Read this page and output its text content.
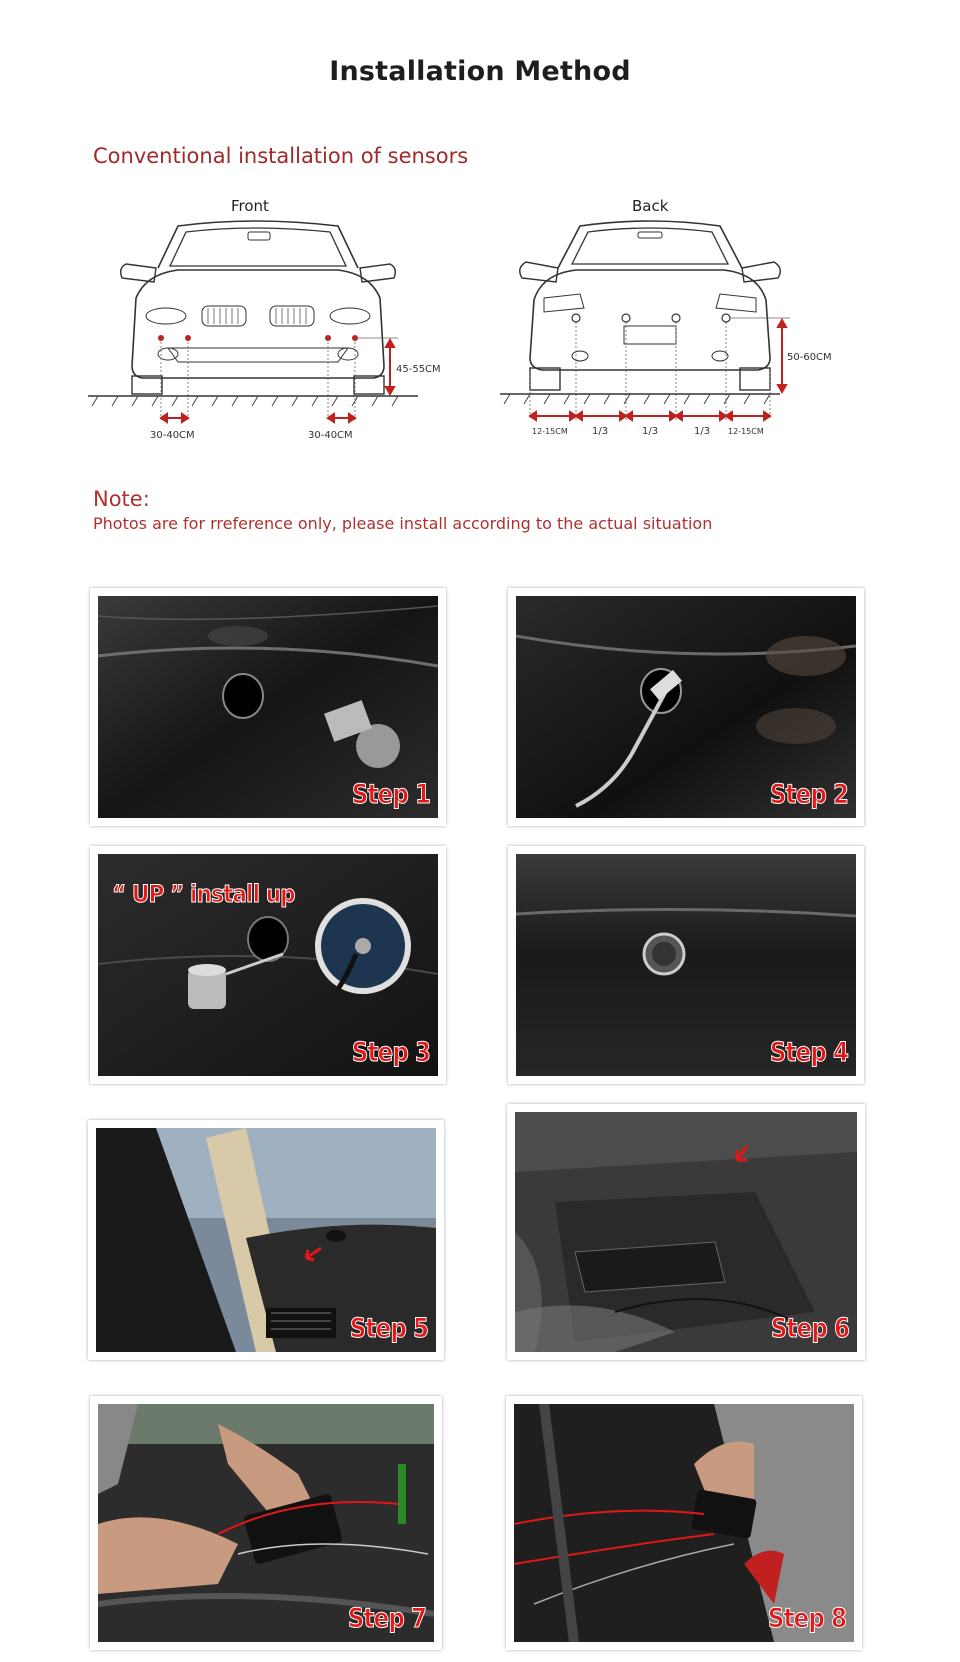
Installation Method
Conventional installation of sensors
Front
30-40CM	30-40CM
45-55CM
Back
12-15CM 1/3	1/3	1/3 12-15CM
50-60CM
Note:
Photos are for rreference only, please install according to the actual situation
Step 1	Step 2
“ UP ” install up
Step 3	Step 4
Step 5	Step 6
Step 7	Step 8
